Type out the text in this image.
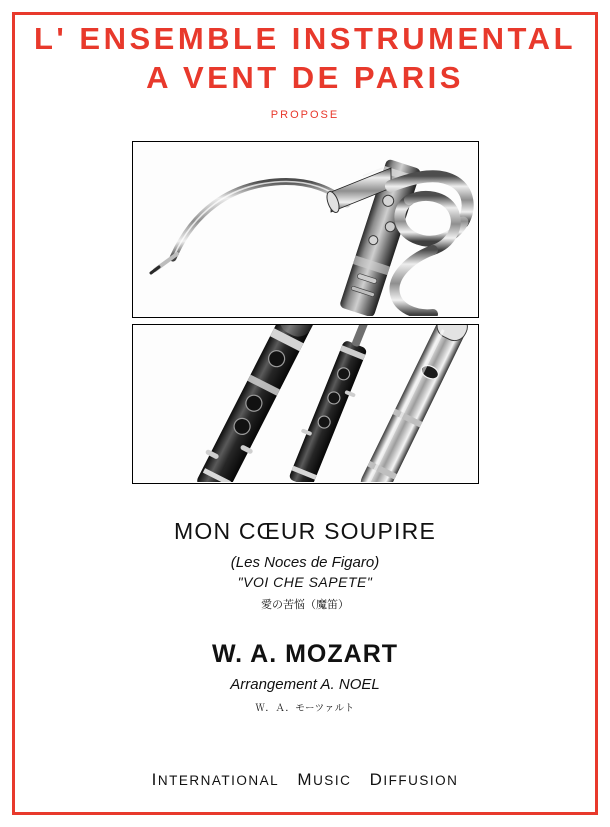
L' ENSEMBLE INSTRUMENTAL
A VENT DE PARIS
PROPOSE
MON CŒUR SOUPIRE
(Les Noces de Figaro)
"VOI CHE SAPETE"
愛の苦悩（魔笛）
W. A. MOZART
Arrangement A. NOEL
Ｗ．Ａ．モーツァルト
INTERNATIONAL MUSIC DIFFUSION
